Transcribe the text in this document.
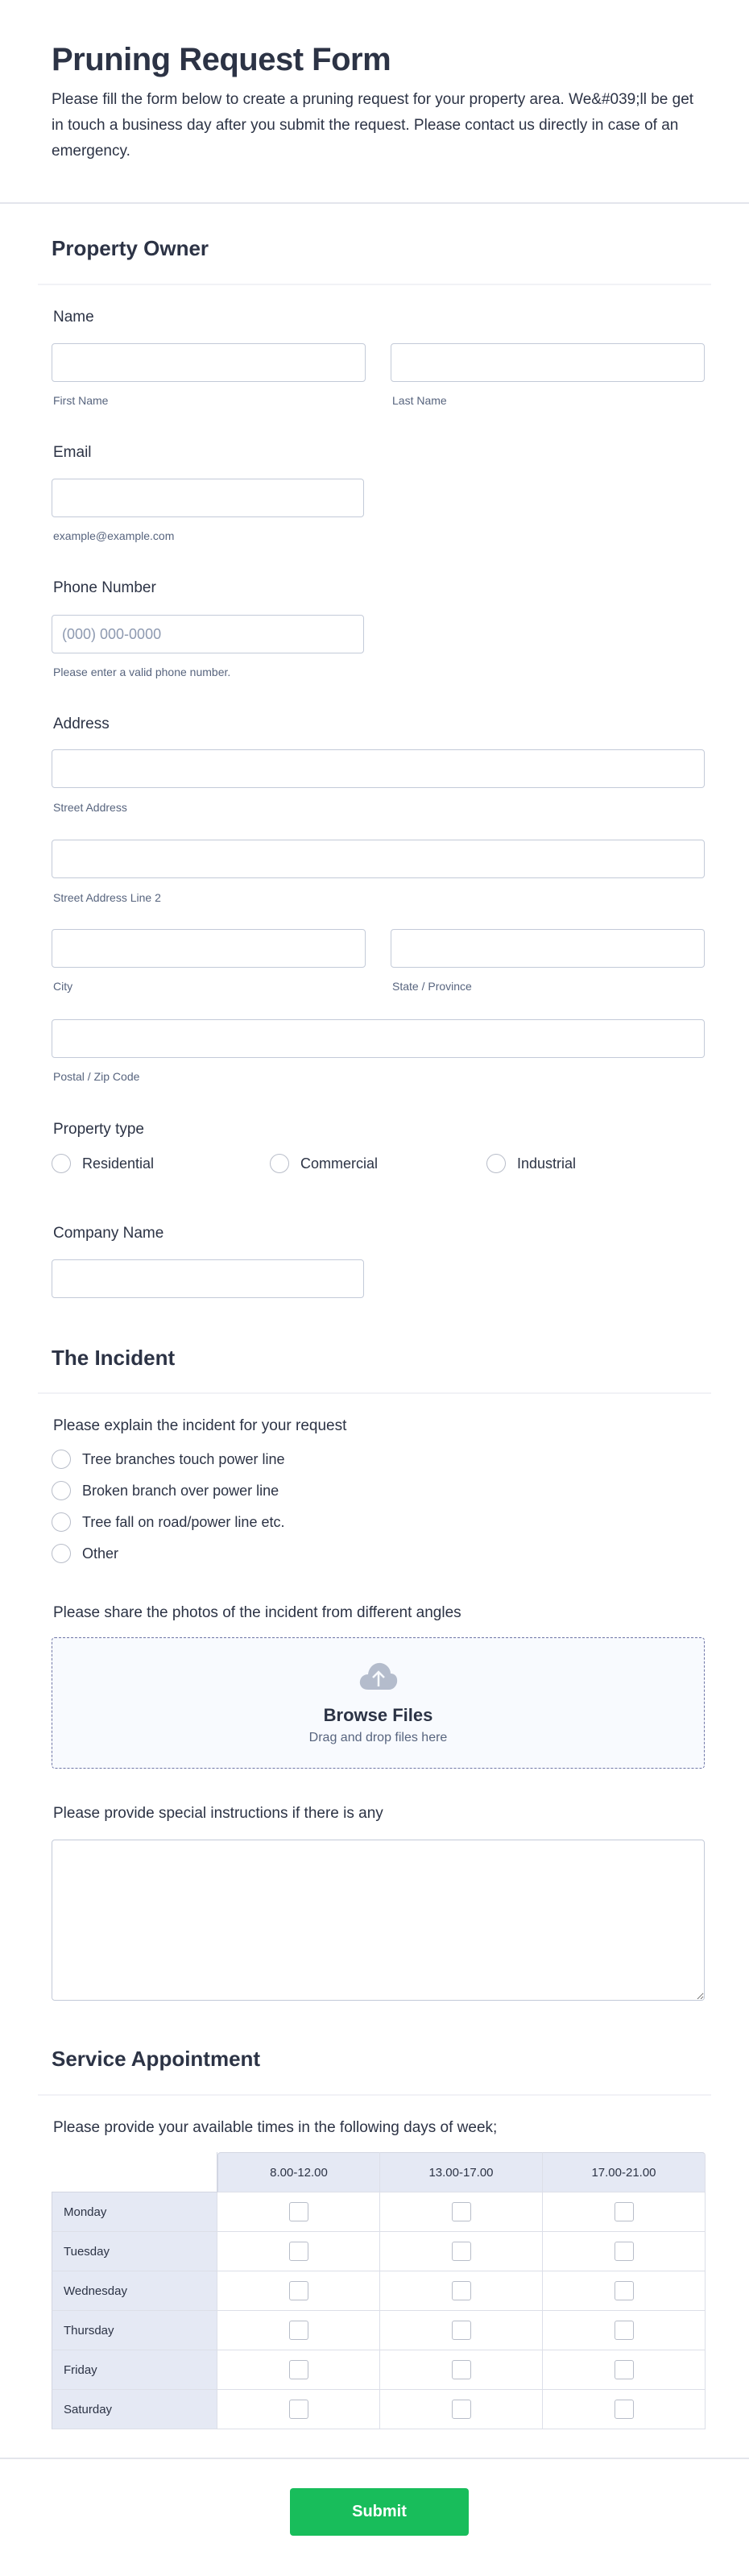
Pruning Request Form

Please fill the form below to create a pruning request for your property area. We&#039;ll be get in touch a business day after you submit the request. Please contact us directly in case of an emergency.

Property Owner
Name
First Name	Last Name
Email
example@example.com
Phone Number
(000) 000-0000
Please enter a valid phone number.
Address
Street Address
Street Address Line 2
City	State / Province
Postal / Zip Code
Property type
Residential	Commercial	Industrial
Company Name
The Incident
Please explain the incident for your request
Tree branches touch power line
Broken branch over power line
Tree fall on road/power line etc.
Other
Please share the photos of the incident from different angles
Browse Files
Drag and drop files here
Please provide special instructions if there is any
Service Appointment
Please provide your available times in the following days of week;
	8.00-12.00	13.00-17.00	17.00-21.00
Monday			
Tuesday			
Wednesday			
Thursday			
Friday			
Saturday			
Submit
